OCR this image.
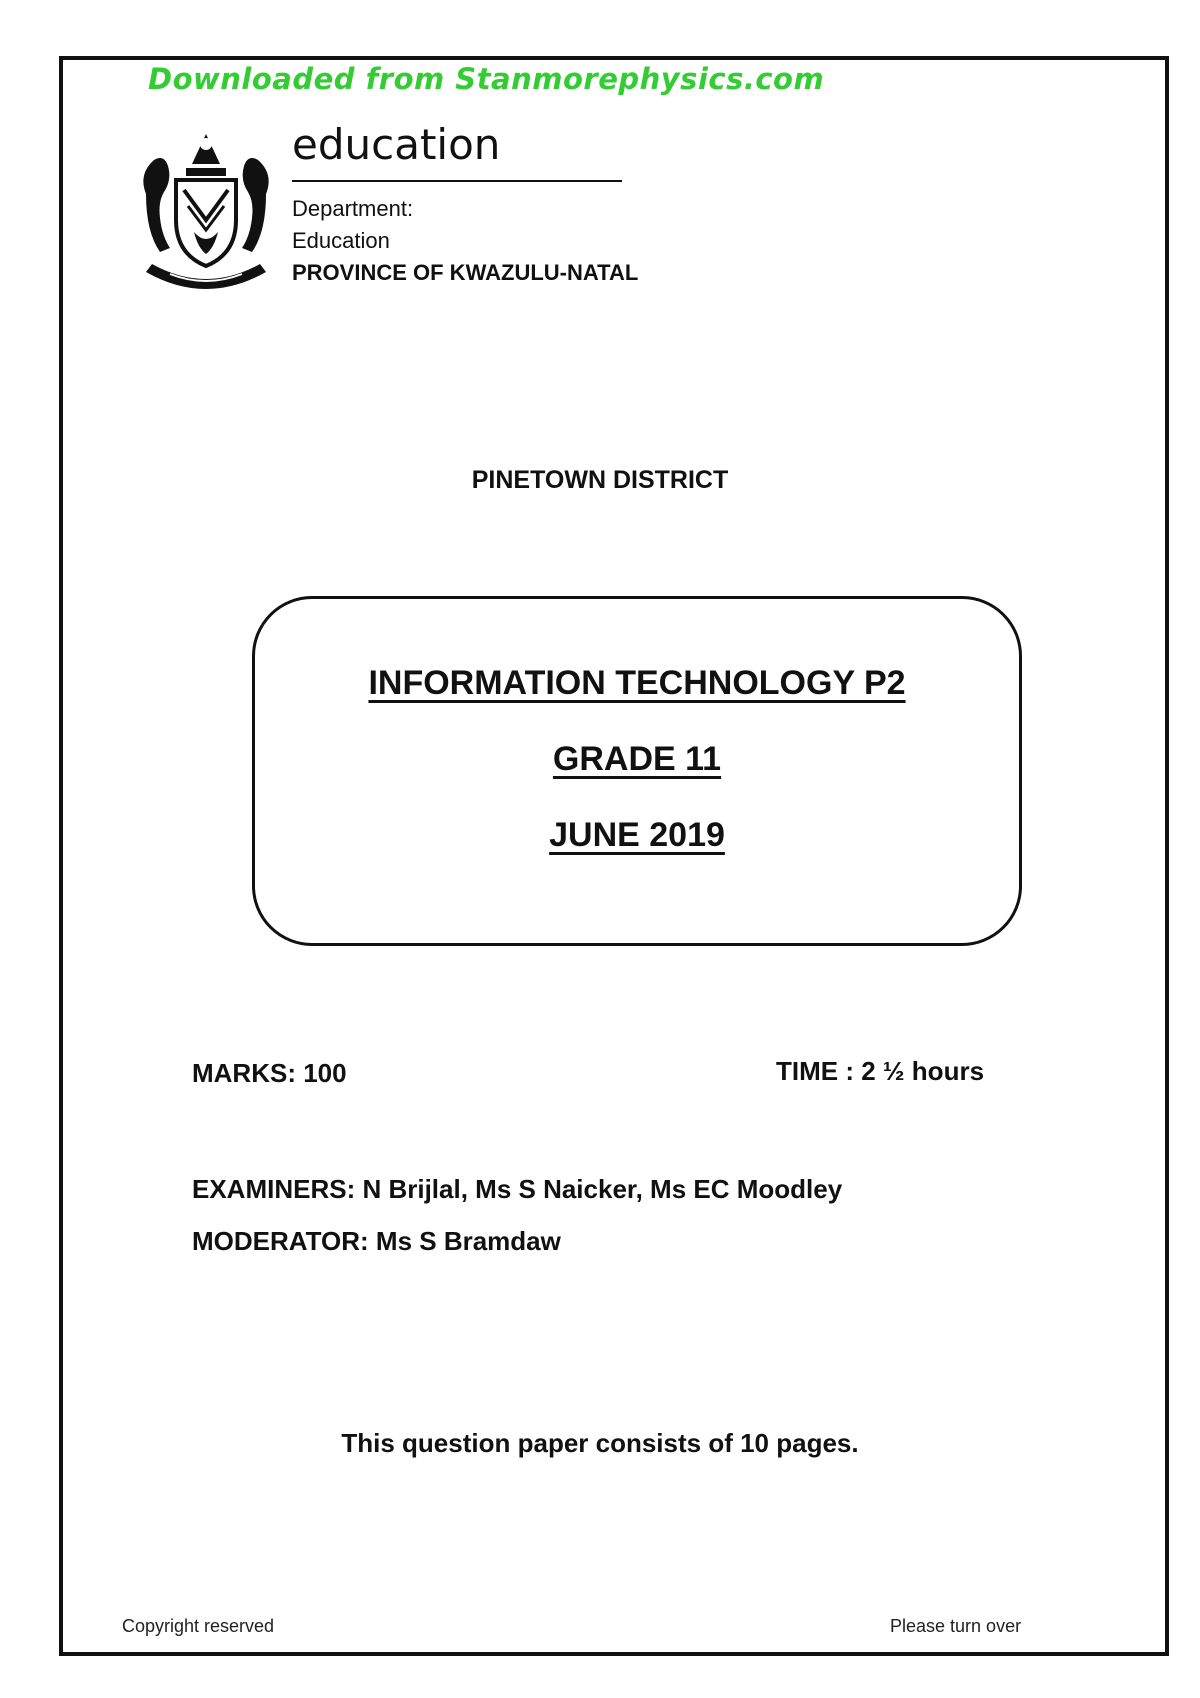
Downloaded from Stanmorephysics.com
education
Department:
Education
PROVINCE OF KWAZULU-NATAL
PINETOWN DISTRICT
INFORMATION TECHNOLOGY P2
GRADE 11
JUNE 2019
MARKS: 100	TIME : 2 ½ hours
EXAMINERS: N Brijlal, Ms S Naicker, Ms EC Moodley
MODERATOR: Ms S Bramdaw
This question paper consists of 10 pages.
Copyright reserved	Please turn over
